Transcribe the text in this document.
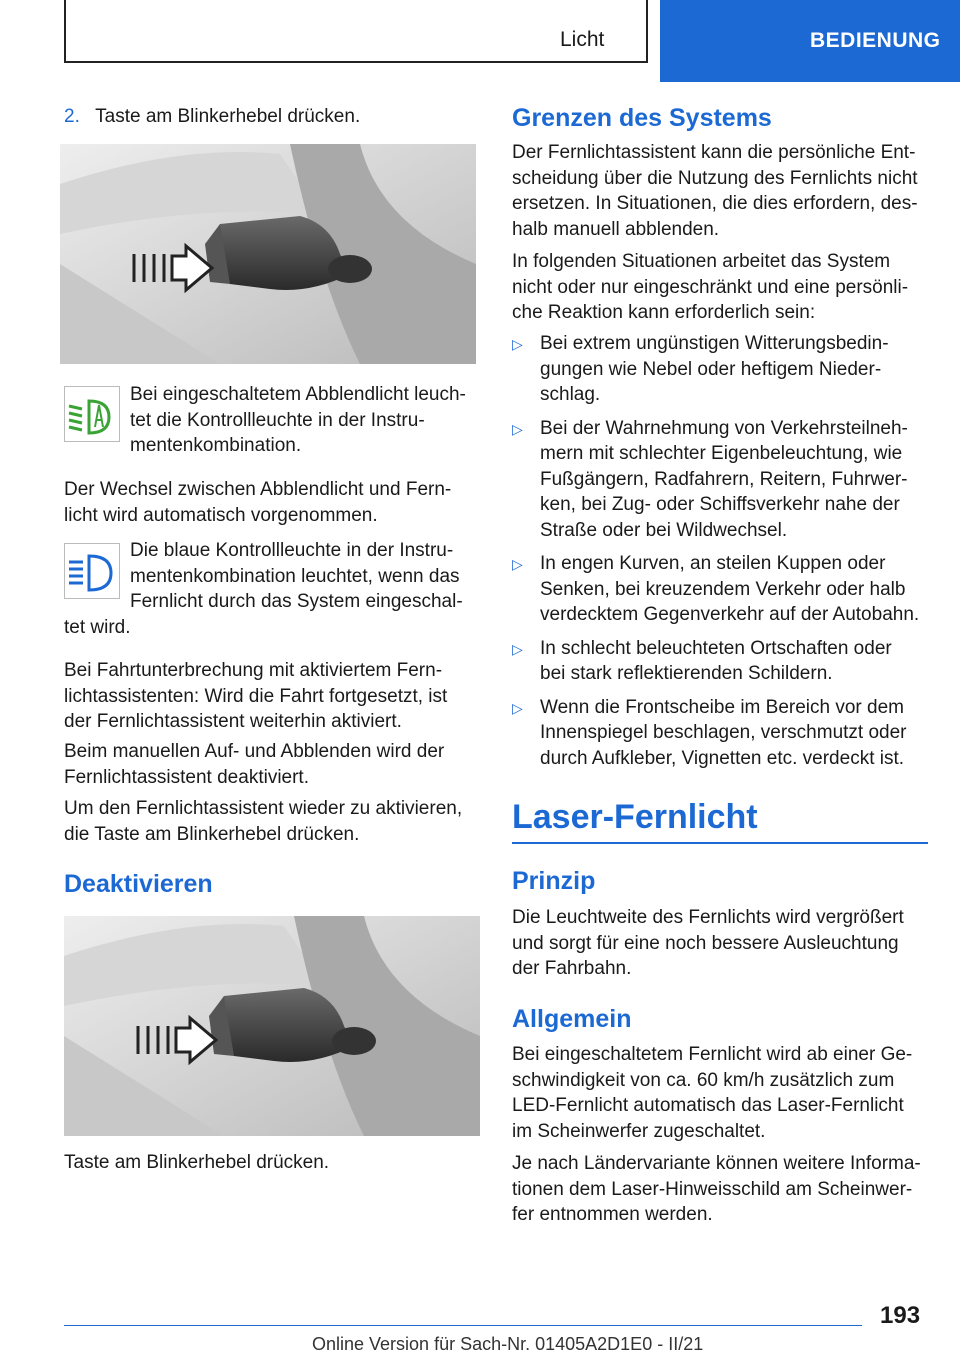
Licht	BEDIENUNG
2. Taste am Blinkerhebel drücken.
Bei eingeschaltetem Abblendlicht leuch-
tet die Kontrollleuchte in der Instru-
mentenkombination.
Der Wechsel zwischen Abblendlicht und Fern-
licht wird automatisch vorgenommen.
Die blaue Kontrollleuchte in der Instru-
mentenkombination leuchtet, wenn das
Fernlicht durch das System eingeschal-
tet wird.
Bei Fahrtunterbrechung mit aktiviertem Fern-
lichtassistenten: Wird die Fahrt fortgesetzt, ist
der Fernlichtassistent weiterhin aktiviert.
Beim manuellen Auf- und Abblenden wird der
Fernlichtassistent deaktiviert.
Um den Fernlichtassistent wieder zu aktivieren,
die Taste am Blinkerhebel drücken.
Deaktivieren
Taste am Blinkerhebel drücken.
Grenzen des Systems
Der Fernlichtassistent kann die persönliche Ent-
scheidung über die Nutzung des Fernlichts nicht
ersetzen. In Situationen, die dies erfordern, des-
halb manuell abblenden.
In folgenden Situationen arbeitet das System
nicht oder nur eingeschränkt und eine persönli-
che Reaktion kann erforderlich sein:
▷ Bei extrem ungünstigen Witterungsbedin-
gungen wie Nebel oder heftigem Nieder-
schlag.
▷ Bei der Wahrnehmung von Verkehrsteilneh-
mern mit schlechter Eigenbeleuchtung, wie
Fußgängern, Radfahrern, Reitern, Fuhrwer-
ken, bei Zug- oder Schiffsverkehr nahe der
Straße oder bei Wildwechsel.
▷ In engen Kurven, an steilen Kuppen oder
Senken, bei kreuzendem Verkehr oder halb
verdecktem Gegenverkehr auf der Autobahn.
▷ In schlecht beleuchteten Ortschaften oder
bei stark reflektierenden Schildern.
▷ Wenn die Frontscheibe im Bereich vor dem
Innenspiegel beschlagen, verschmutzt oder
durch Aufkleber, Vignetten etc. verdeckt ist.
Laser-Fernlicht
Prinzip
Die Leuchtweite des Fernlichts wird vergrößert
und sorgt für eine noch bessere Ausleuchtung
der Fahrbahn.
Allgemein
Bei eingeschaltetem Fernlicht wird ab einer Ge-
schwindigkeit von ca. 60 km/h zusätzlich zum
LED-Fernlicht automatisch das Laser-Fernlicht
im Scheinwerfer zugeschaltet.
Je nach Ländervariante können weitere Informa-
tionen dem Laser-Hinweisschild am Scheinwer-
fer entnommen werden.
193
Online Version für Sach-Nr. 01405A2D1E0 - II/21
